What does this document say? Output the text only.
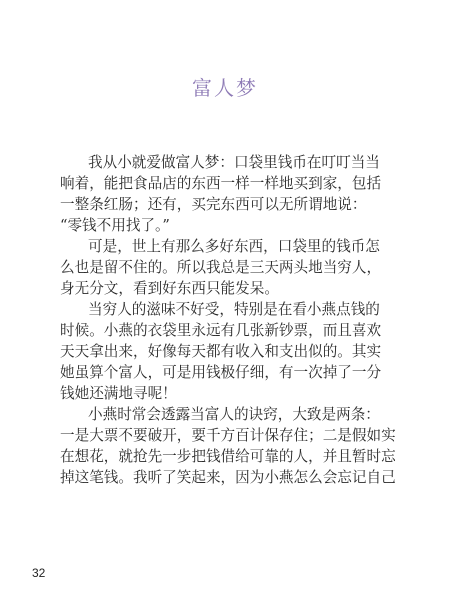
富人梦
我从小就爱做富人梦：口袋里钱币在叮叮当当
响着，能把食品店的东西一样一样地买到家，包括
一整条红肠；还有，买完东西可以无所谓地说：
“零钱不用找了。”
可是，世上有那么多好东西，口袋里的钱币怎
么也是留不住的。所以我总是三天两头地当穷人，
身无分文，看到好东西只能发呆。
当穷人的滋味不好受，特别是在看小燕点钱的
时候。小燕的衣袋里永远有几张新钞票，而且喜欢
天天拿出来，好像每天都有收入和支出似的。其实
她虽算个富人，可是用钱极仔细，有一次掉了一分
钱她还满地寻呢！
小燕时常会透露当富人的诀窍，大致是两条：
一是大票不要破开，要千方百计保存住；二是假如实
在想花，就抢先一步把钱借给可靠的人，并且暂时忘
掉这笔钱。我听了笑起来，因为小燕怎么会忘记自己
32
